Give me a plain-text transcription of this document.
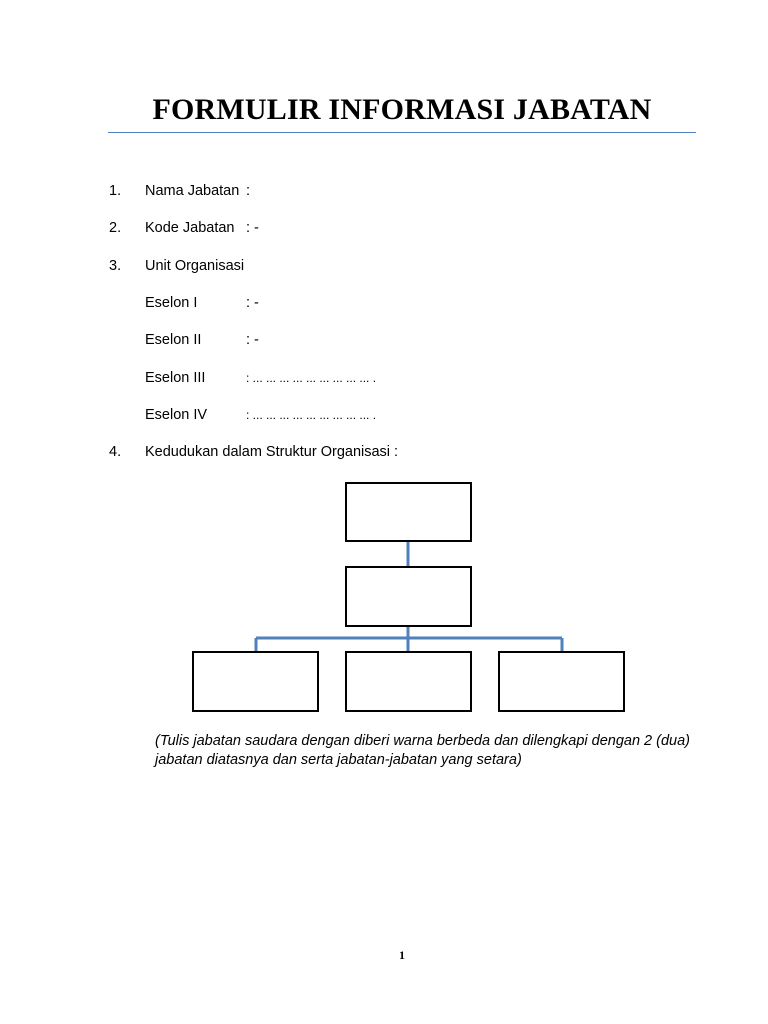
FORMULIR INFORMASI JABATAN
1. Nama Jabatan :
2. Kode Jabatan : -
3. Unit Organisasi
Eselon I	: -
Eselon II	: -
Eselon III	: ... ... ... ... ... ... ... ... ... .
Eselon IV	: ... ... ... ... ... ... ... ... ... .
4. Kedudukan dalam Struktur Organisasi :
(Tulis jabatan saudara dengan diberi warna berbeda dan dilengkapi dengan 2 (dua) jabatan diatasnya dan serta jabatan-jabatan yang setara)
1
